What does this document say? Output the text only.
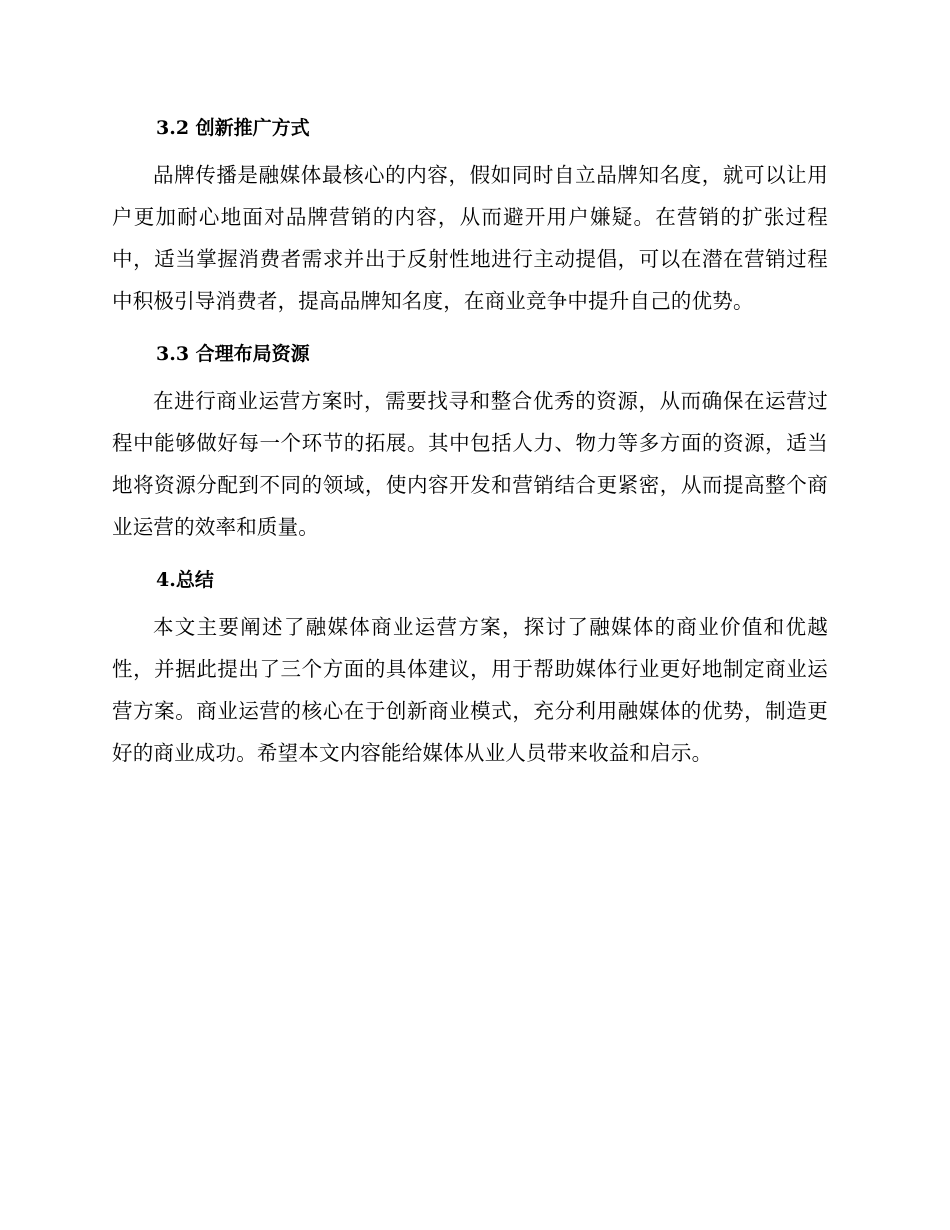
3.2 创新推广方式

品牌传播是融媒体最核心的内容，假如同时自立品牌知名度，就可以让用户更加耐心地面对品牌营销的内容，从而避开用户嫌疑。在营销的扩张过程中，适当掌握消费者需求并出于反射性地进行主动提倡，可以在潜在营销过程中积极引导消费者，提高品牌知名度，在商业竞争中提升自己的优势。

3.3 合理布局资源

在进行商业运营方案时，需要找寻和整合优秀的资源，从而确保在运营过程中能够做好每一个环节的拓展。其中包括人力、物力等多方面的资源，适当地将资源分配到不同的领域，使内容开发和营销结合更紧密，从而提高整个商业运营的效率和质量。

4.总结

本文主要阐述了融媒体商业运营方案，探讨了融媒体的商业价值和优越性，并据此提出了三个方面的具体建议，用于帮助媒体行业更好地制定商业运营方案。商业运营的核心在于创新商业模式，充分利用融媒体的优势，制造更好的商业成功。希望本文内容能给媒体从业人员带来收益和启示。
